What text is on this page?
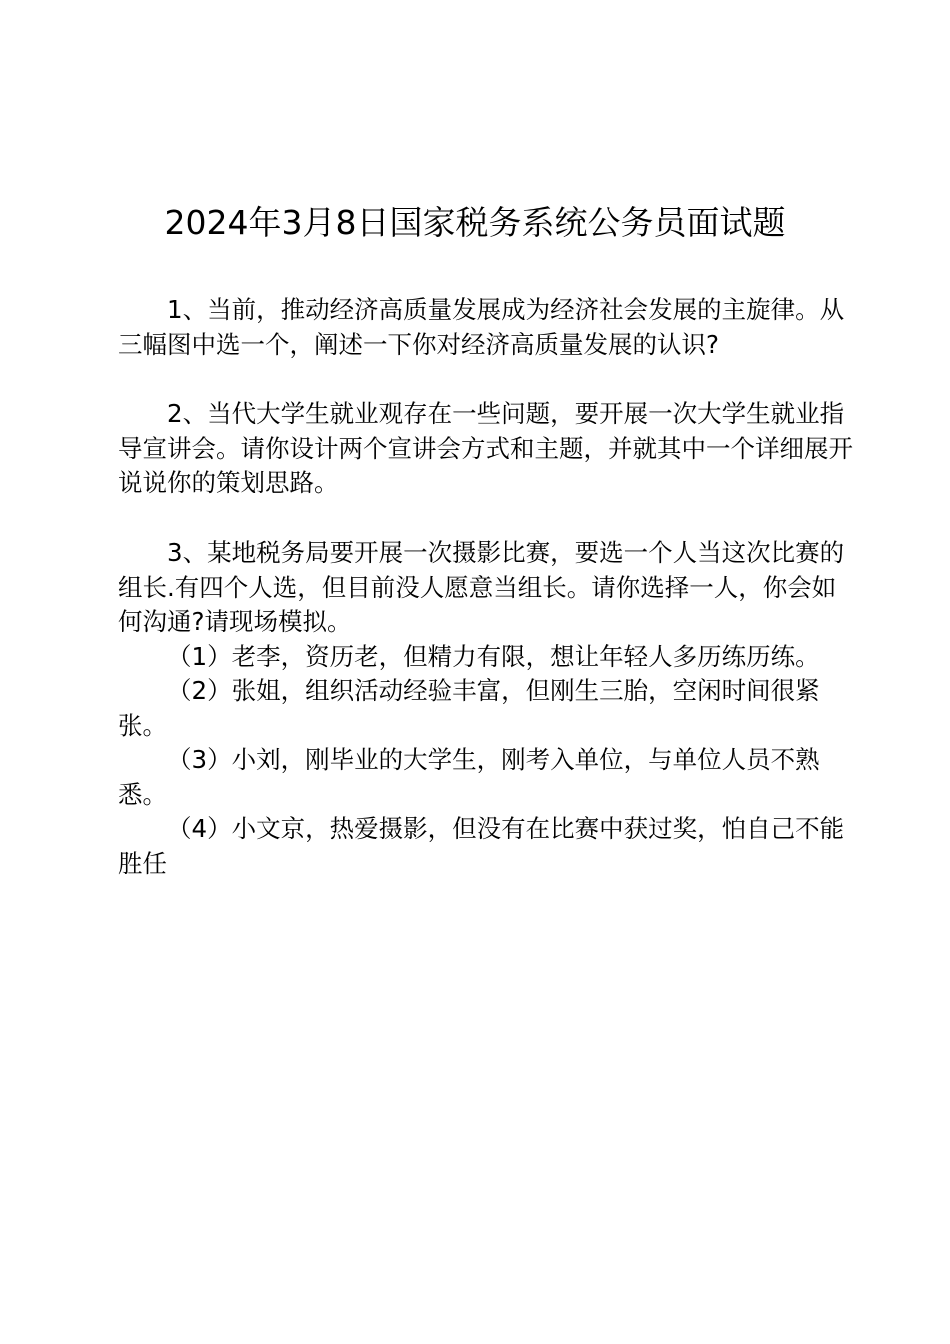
2024年3月8日国家税务系统公务员面试题

1、当前，推动经济高质量发展成为经济社会发展的主旋律。从三幅图中选一个，阐述一下你对经济高质量发展的认识?

2、当代大学生就业观存在一些问题，要开展一次大学生就业指导宣讲会。请你设计两个宣讲会方式和主题，并就其中一个详细展开说说你的策划思路。

3、某地税务局要开展一次摄影比赛，要选一个人当这次比赛的组长.有四个人选，但目前没人愿意当组长。请你选择一人，你会如何沟通?请现场模拟。

（1）老李，资历老，但精力有限，想让年轻人多历练历练。

（2）张姐，组织活动经验丰富，但刚生三胎，空闲时间很紧张。

（3）小刘，刚毕业的大学生，刚考入单位，与单位人员不熟悉。

（4）小文京，热爱摄影，但没有在比赛中获过奖，怕自己不能胜任
